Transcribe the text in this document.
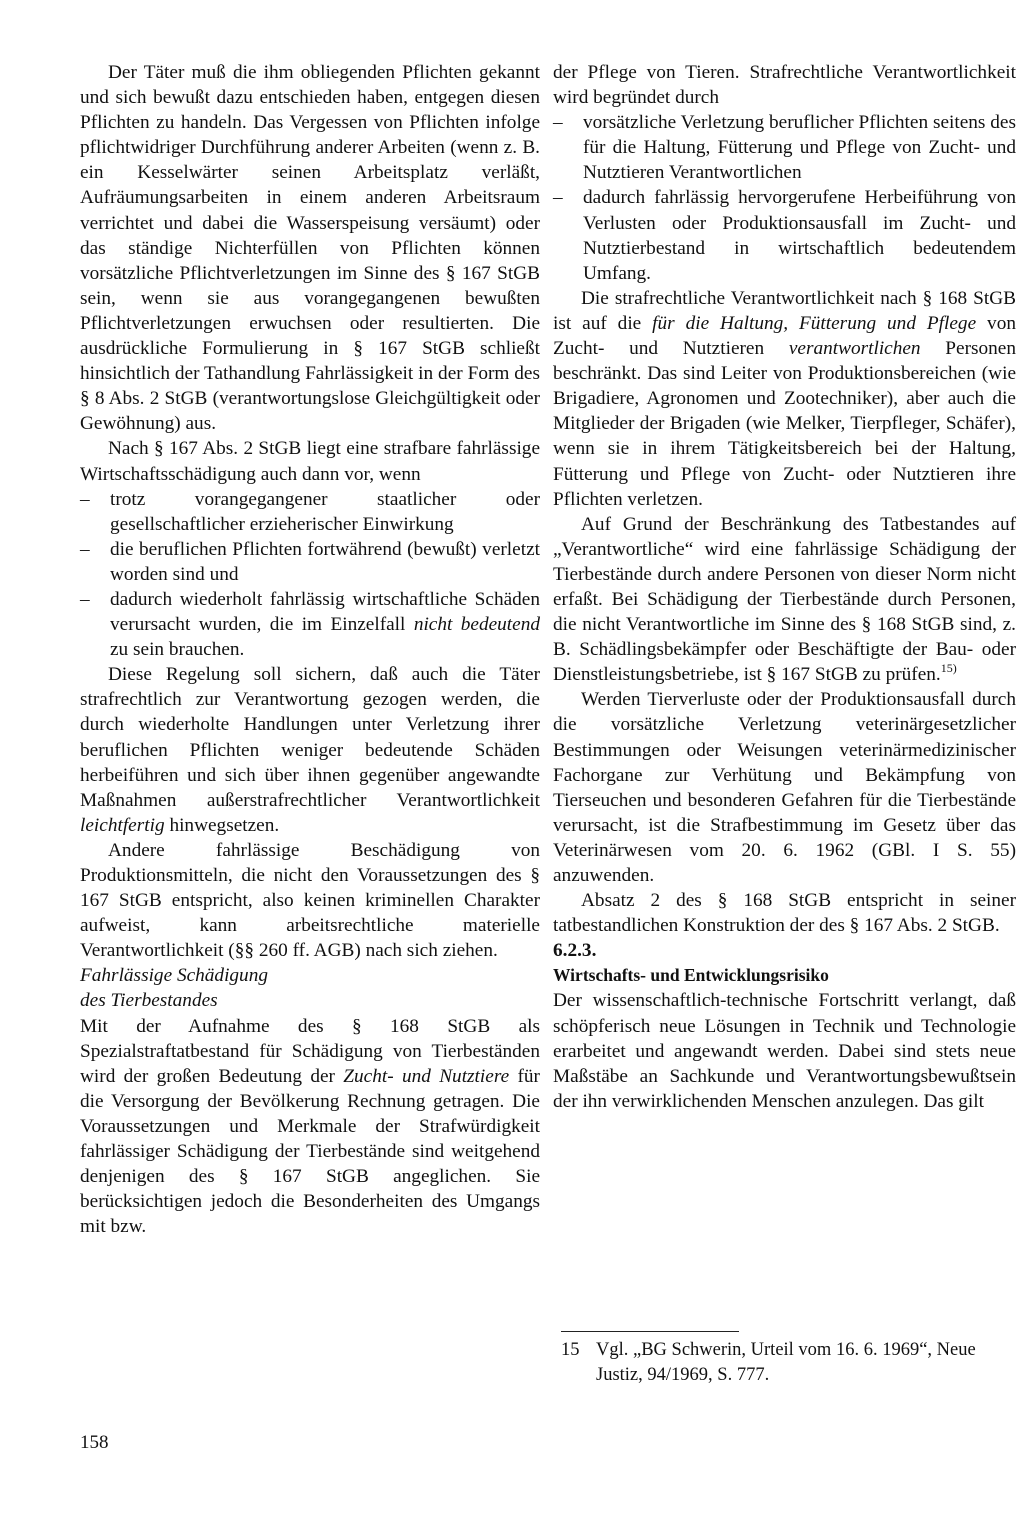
Der Täter muß die ihm obliegenden Pflichten gekannt und sich bewußt dazu entschieden haben, entgegen diesen Pflichten zu handeln. Das Vergessen von Pflichten infolge pflichtwidriger Durchführung anderer Arbeiten (wenn z. B. ein Kesselwärter seinen Arbeitsplatz verläßt, Aufräumungsarbeiten in einem anderen Arbeitsraum verrichtet und dabei die Wasserspeisung versäumt) oder das ständige Nichterfüllen von Pflichten können vorsätzliche Pflichtverletzungen im Sinne des § 167 StGB sein, wenn sie aus vorangegangenen bewußten Pflichtverletzungen erwuchsen oder resultierten. Die ausdrückliche Formulierung in § 167 StGB schließt hinsichtlich der Tathandlung Fahrlässigkeit in der Form des § 8 Abs. 2 StGB (verantwortungslose Gleichgültigkeit oder Gewöhnung) aus.

Nach § 167 Abs. 2 StGB liegt eine strafbare fahrlässige Wirtschaftsschädigung auch dann vor, wenn

– trotz vorangegangener staatlicher oder gesellschaftlicher erzieherischer Einwirkung
– die beruflichen Pflichten fortwährend (bewußt) verletzt worden sind und
– dadurch wiederholt fahrlässig wirtschaftliche Schäden verursacht wurden, die im Einzelfall nicht bedeutend zu sein brauchen.

Diese Regelung soll sichern, daß auch die Täter strafrechtlich zur Verantwortung gezogen werden, die durch wiederholte Handlungen unter Verletzung ihrer beruflichen Pflichten weniger bedeutende Schäden herbeiführen und sich über ihnen gegenüber angewandte Maßnahmen außerstrafrechtlicher Verantwortlichkeit leichtfertig hinwegsetzen.

Andere fahrlässige Beschädigung von Produktionsmitteln, die nicht den Voraussetzungen des § 167 StGB entspricht, also keinen kriminellen Charakter aufweist, kann arbeitsrechtliche materielle Verantwortlichkeit (§§ 260 ff. AGB) nach sich ziehen.

Fahrlässige Schädigung
des Tierbestandes

Mit der Aufnahme des § 168 StGB als Spezialstraftatbestand für Schädigung von Tierbeständen wird der großen Bedeutung der Zucht- und Nutztiere für die Versorgung der Bevölkerung Rechnung getragen. Die Voraussetzungen und Merkmale der Strafwürdigkeit fahrlässiger Schädigung der Tierbestände sind weitgehend denjenigen des § 167 StGB angeglichen. Sie berücksichtigen jedoch die Besonderheiten des Umgangs mit bzw.

der Pflege von Tieren. Strafrechtliche Verantwortlichkeit wird begründet durch

– vorsätzliche Verletzung beruflicher Pflichten seitens des für die Haltung, Fütterung und Pflege von Zucht- und Nutztieren Verantwortlichen
– dadurch fahrlässig hervorgerufene Herbeiführung von Verlusten oder Produktionsausfall im Zucht- und Nutztierbestand in wirtschaftlich bedeutendem Umfang.

Die strafrechtliche Verantwortlichkeit nach § 168 StGB ist auf die für die Haltung, Fütterung und Pflege von Zucht- und Nutztieren verantwortlichen Personen beschränkt. Das sind Leiter von Produktionsbereichen (wie Brigadiere, Agronomen und Zootechniker), aber auch die Mitglieder der Brigaden (wie Melker, Tierpfleger, Schäfer), wenn sie in ihrem Tätigkeitsbereich bei der Haltung, Fütterung und Pflege von Zucht- oder Nutztieren ihre Pflichten verletzen.

Auf Grund der Beschränkung des Tatbestandes auf „Verantwortliche“ wird eine fahrlässige Schädigung der Tierbestände durch andere Personen von dieser Norm nicht erfaßt. Bei Schädigung der Tierbestände durch Personen, die nicht Verantwortliche im Sinne des § 168 StGB sind, z. B. Schädlingsbekämpfer oder Beschäftigte der Bau- oder Dienstleistungsbetriebe, ist § 167 StGB zu prüfen.$^{15)}$

Werden Tierverluste oder der Produktionsausfall durch die vorsätzliche Verletzung veterinärgesetzlicher Bestimmungen oder Weisungen veterinärmedizinischer Fachorgane zur Verhütung und Bekämpfung von Tierseuchen und besonderen Gefahren für die Tierbestände verursacht, ist die Strafbestimmung im Gesetz über das Veterinärwesen vom 20. 6. 1962 (GBl. I S. 55) anzuwenden.

Absatz 2 des § 168 StGB entspricht in seiner tatbestandlichen Konstruktion der des § 167 Abs. 2 StGB.

6.2.3.

Wirtschafts- und Entwicklungsrisiko

Der wissenschaftlich-technische Fortschritt verlangt, daß schöpferisch neue Lösungen in Technik und Technologie erarbeitet und angewandt werden. Dabei sind stets neue Maßstäbe an Sachkunde und Verantwortungsbewußtsein der ihn verwirklichenden Menschen anzulegen. Das gilt

15 Vgl. „BG Schwerin, Urteil vom 16. 6. 1969“, Neue Justiz, 94/1969, S. 777.
158
